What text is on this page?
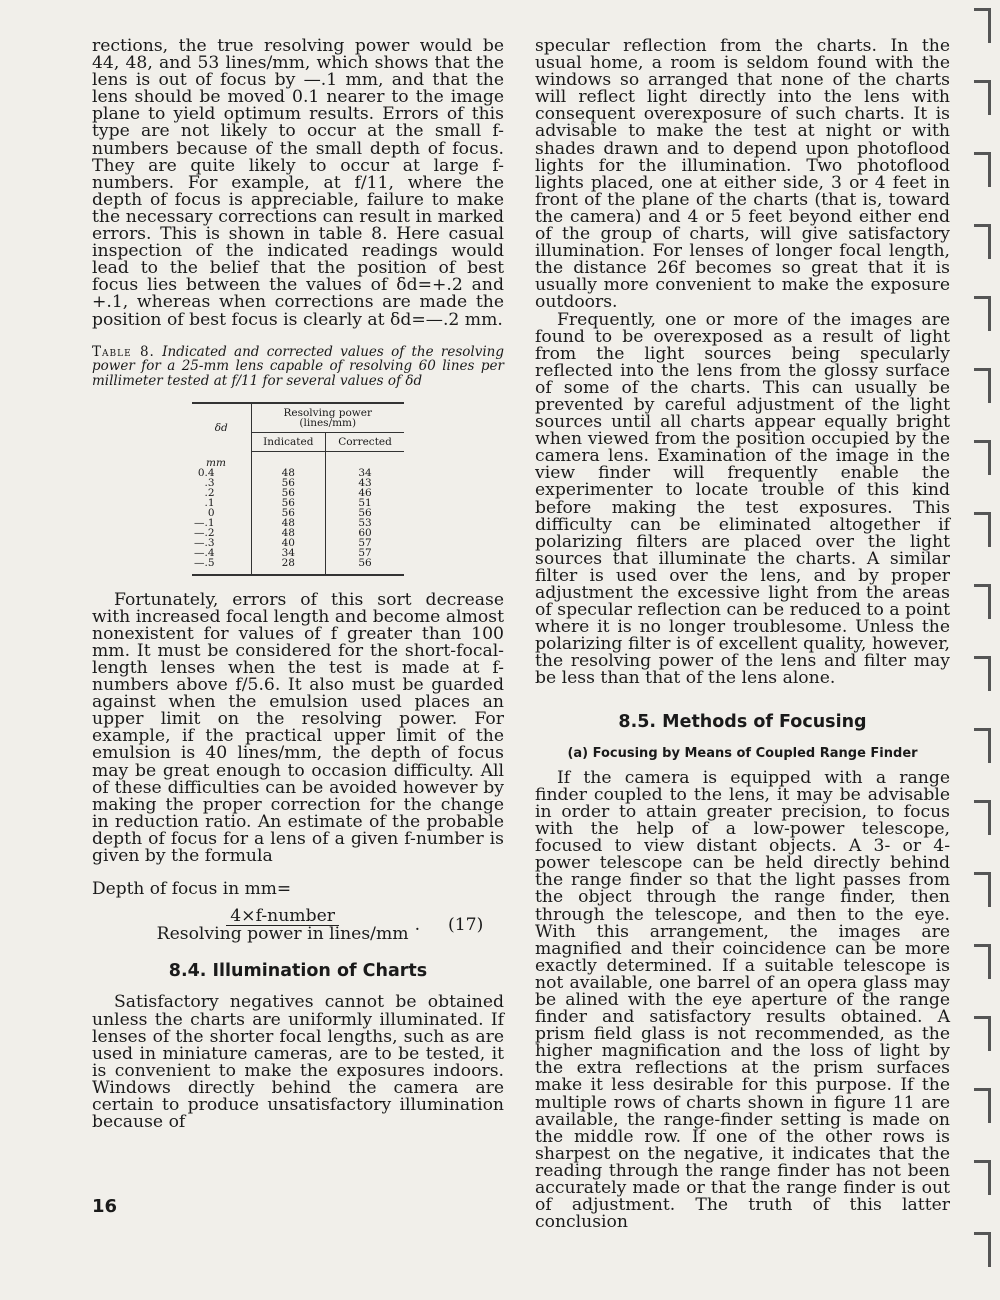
rections, the true resolving power would be 44, 48, and 53 lines/mm, which shows that the lens is out of focus by —.1 mm, and that the lens should be moved 0.1 nearer to the image plane to yield optimum results. Errors of this type are not likely to occur at the small f-numbers because of the small depth of focus. They are quite likely to occur at large f-numbers. For example, at f/11, where the depth of focus is appreciable, failure to make the necessary corrections can result in marked errors. This is shown in table 8. Here casual inspection of the indicated readings would lead to the belief that the position of best focus lies between the values of δd=+.2 and +.1, whereas when corrections are made the position of best focus is clearly at δd=—.2 mm.

Table 8. Indicated and corrected values of the resolving power for a 25-mm lens capable of resolving 60 lines per millimeter tested at f/11 for several values of δd
δd	Resolving power (lines/mm)	
	Indicated	Corrected
mm		
0.4	48	34
.3	56	43
.2	56	46
.1	56	51
0	56	56
—.1	48	53
—.2	48	60
—.3	40	57
—.4	34	57
—.5	28	56

Fortunately, errors of this sort decrease with increased focal length and become almost nonexistent for values of f greater than 100 mm. It must be considered for the short-focal-length lenses when the test is made at f-numbers above f/5.6. It also must be guarded against when the emulsion used places an upper limit on the resolving power. For example, if the practical upper limit of the emulsion is 40 lines/mm, the depth of focus may be great enough to occasion difficulty. All of these difficulties can be avoided however by making the proper correction for the change in reduction ratio. An estimate of the probable depth of focus for a lens of a given f-number is given by the formula

Depth of focus in mm=
$\frac{\text{4×f-number}}{\text{Resolving power in lines/mm}}$ . (17)
8.4. Illumination of Charts

Satisfactory negatives cannot be obtained unless the charts are uniformly illuminated. If lenses of the shorter focal lengths, such as are used in miniature cameras, are to be tested, it is convenient to make the exposures indoors. Windows directly behind the camera are certain to produce unsatisfactory illumination because of

specular reflection from the charts. In the usual home, a room is seldom found with the windows so arranged that none of the charts will reflect light directly into the lens with consequent overexposure of such charts. It is advisable to make the test at night or with shades drawn and to depend upon photoflood lights for the illumination. Two photoflood lights placed, one at either side, 3 or 4 feet in front of the plane of the charts (that is, toward the camera) and 4 or 5 feet beyond either end of the group of charts, will give satisfactory illumination. For lenses of longer focal length, the distance 26f becomes so great that it is usually more convenient to make the exposure outdoors.

Frequently, one or more of the images are found to be overexposed as a result of light from the light sources being specularly reflected into the lens from the glossy surface of some of the charts. This can usually be prevented by careful adjustment of the light sources until all charts appear equally bright when viewed from the position occupied by the camera lens. Examination of the image in the view finder will frequently enable the experimenter to locate trouble of this kind before making the test exposures. This difficulty can be eliminated altogether if polarizing filters are placed over the light sources that illuminate the charts. A similar filter is used over the lens, and by proper adjustment the excessive light from the areas of specular reflection can be reduced to a point where it is no longer troublesome. Unless the polarizing filter is of excellent quality, however, the resolving power of the lens and filter may be less than that of the lens alone.

8.5. Methods of Focusing
(a) Focusing by Means of Coupled Range Finder

If the camera is equipped with a range finder coupled to the lens, it may be advisable in order to attain greater precision, to focus with the help of a low-power telescope, focused to view distant objects. A 3- or 4-power telescope can be held directly behind the range finder so that the light passes from the object through the range finder, then through the telescope, and then to the eye. With this arrangement, the images are magnified and their coincidence can be more exactly determined. If a suitable telescope is not available, one barrel of an opera glass may be alined with the eye aperture of the range finder and satisfactory results obtained. A prism field glass is not recommended, as the higher magnification and the loss of light by the extra reflections at the prism surfaces make it less desirable for this purpose. If the multiple rows of charts shown in figure 11 are available, the range-finder setting is made on the middle row. If one of the other rows is sharpest on the negative, it indicates that the reading through the range finder has not been accurately made or that the range finder is out of adjustment. The truth of this latter conclusion

16
